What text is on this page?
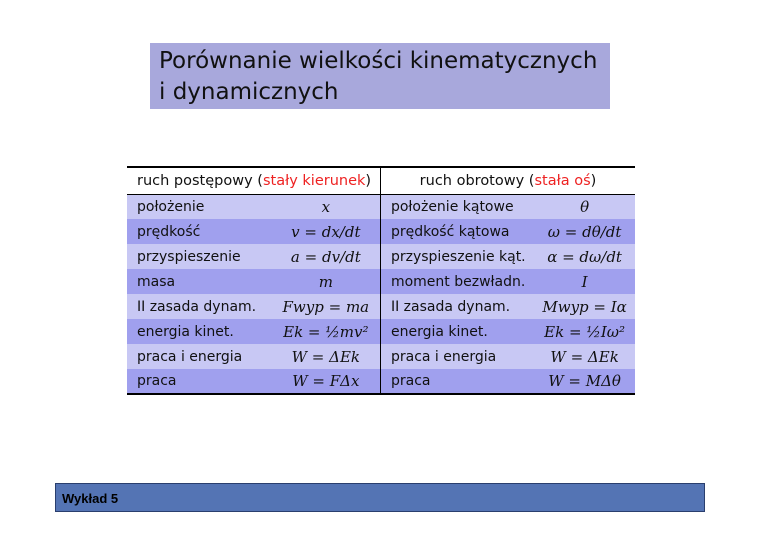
Porównanie wielkości kinematycznych
i dynamicznych
ruch postępowy (stały kierunek)		ruch obrotowy (stała oś)	
położenie	x	położenie kątowe	θ
prędkość	v = dx/dt	prędkość kątowa	ω = dθ/dt
przyspieszenie	a = dv/dt	przyspieszenie kąt.	α = dω/dt
masa	m	moment bezwładn.	I
II zasada dynam.	Fwyp = ma	II zasada dynam.	Mwyp = Iα
energia kinet.	Ek = ½mv²	energia kinet.	Ek = ½Iω²
praca i energia	W = ΔEk	praca i energia	W = ΔEk
praca	W = FΔx	praca	W = MΔθ
Wykład 5
